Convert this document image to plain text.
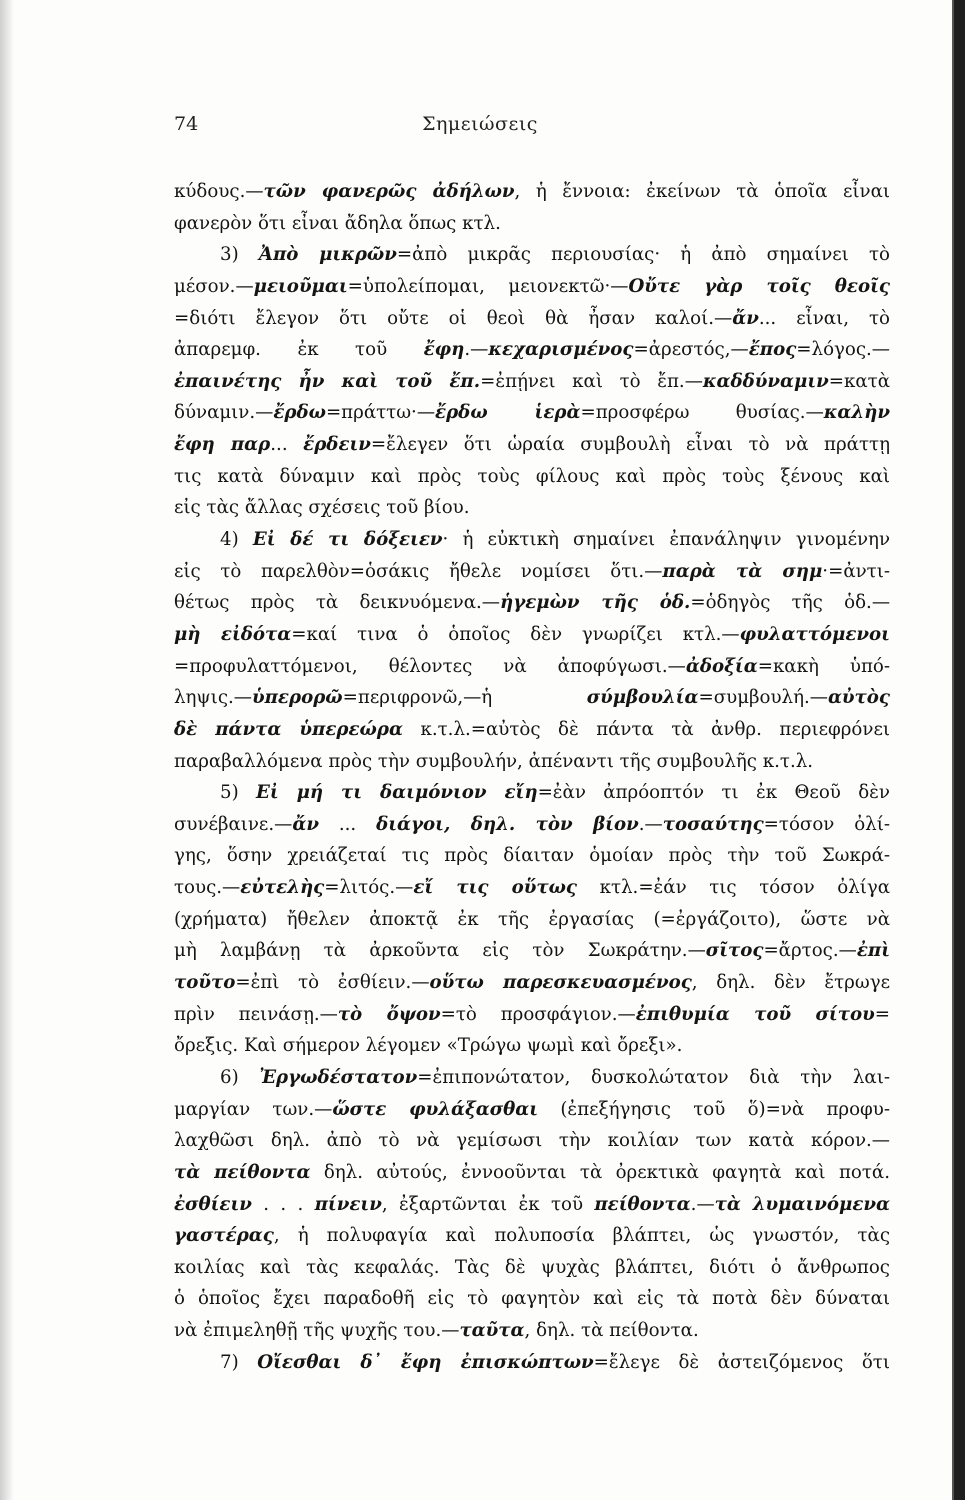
74	Σημειώσεις
κύδους.—τῶν φανερῶς ἀδήλων, ἡ ἔννοια: ἐκείνων τὰ ὁποῖα εἶναι
φανερὸν ὅτι εἶναι ἄδηλα ὅπως κτλ.
3) Ἀπὸ μικρῶν=ἀπὸ μικρᾶς περιουσίας· ἡ ἀπὸ σημαίνει τὸ
μέσον.—μειοῦμαι=ὑπολείπομαι, μειονεκτῶ·—Οὔτε γὰρ τοῖς θεοῖς
=διότι ἔλεγον ὅτι οὔτε οἱ θεοὶ θὰ ἦσαν καλοί.—ἄν... εἶναι, τὸ
ἀπαρεμφ. ἐκ τοῦ ἔφη.—κεχαρισμένος=ἀρεστός,—ἔπος=λόγος.—
ἐπαινέτης ἦν καὶ τοῦ ἔπ.=ἐπῄνει καὶ τὸ ἔπ.—καδδύναμιν=κατὰ
δύναμιν.—ἔρδω=πράττω·—ἔρδω ἱερὰ=προσφέρω θυσίας.—καλὴν
ἔφη παρ... ἔρδειν=ἔλεγεν ὅτι ὡραία συμβουλὴ εἶναι τὸ νὰ πράττῃ
τις κατὰ δύναμιν καὶ πρὸς τοὺς φίλους καὶ πρὸς τοὺς ξένους καὶ
εἰς τὰς ἄλλας σχέσεις τοῦ βίου.
4) Εἰ δέ τι δόξειεν· ἡ εὐκτικὴ σημαίνει ἐπανάληψιν γινομένην
εἰς τὸ παρελθὸν=ὁσάκις ἤθελε νομίσει ὅτι.—παρὰ τὰ σημ·=ἀντι-
θέτως πρὸς τὰ δεικνυόμενα.—ἡγεμὼν τῆς ὁδ.=ὁδηγὸς τῆς ὁδ.—
μὴ εἰδότα=καί τινα ὁ ὁποῖος δὲν γνωρίζει κτλ.—φυλαττόμενοι
=προφυλαττόμενοι, θέλοντες νὰ ἀποφύγωσι.—ἀδοξία=κακὴ ὑπό-
ληψις.—ὑπερορῶ=περιφρονῶ,—ἡ σύμβουλία=συμβουλή.—αὐτὸς
δὲ πάντα ὑπερεώρα κ.τ.λ.=αὐτὸς δὲ πάντα τὰ ἀνθρ. περιεφρόνει
παραβαλλόμενα πρὸς τὴν συμβουλήν, ἀπέναντι τῆς συμβουλῆς κ.τ.λ.
5) Εἰ μή τι δαιμόνιον εἴη=ἐὰν ἀπρόοπτόν τι ἐκ Θεοῦ δὲν
συνέβαινε.—ἄν ... διάγοι, δηλ. τὸν βίον.—τοσαύτης=τόσον ὀλί-
γης, ὅσην χρειάζεταί τις πρὸς δίαιταν ὁμοίαν πρὸς τὴν τοῦ Σωκρά-
τους.—εὐτελὴς=λιτός.—εἴ τις οὕτως κτλ.=ἐάν τις τόσον ὀλίγα
(χρήματα) ἤθελεν ἀποκτᾷ ἐκ τῆς ἐργασίας (=ἐργάζοιτο), ὥστε νὰ
μὴ λαμβάνῃ τὰ ἀρκοῦντα εἰς τὸν Σωκράτην.—σῖτος=ἄρτος.—ἐπὶ
τοῦτο=ἐπὶ τὸ ἐσθίειν.—οὕτω παρεσκευασμένος, δηλ. δὲν ἔτρωγε
πρὶν πεινάσῃ.—τὸ ὄψον=τὸ προσφάγιον.—ἐπιθυμία τοῦ σίτου=
ὄρεξις. Καὶ σήμερον λέγομεν «Τρώγω ψωμὶ καὶ ὄρεξι».
6) Ἐργωδέστατον=ἐπιπονώτατον, δυσκολώτατον διὰ τὴν λαι-
μαργίαν των.—ὥστε φυλάξασθαι (ἐπεξήγησις τοῦ ὅ)=νὰ προφυ-
λαχθῶσι δηλ. ἀπὸ τὸ νὰ γεμίσωσι τὴν κοιλίαν των κατὰ κόρον.—
τὰ πείθοντα δηλ. αὐτούς, ἐννοοῦνται τὰ ὀρεκτικὰ φαγητὰ καὶ ποτά.
ἐσθίειν . . . πίνειν, ἐξαρτῶνται ἐκ τοῦ πείθοντα.—τὰ λυμαινόμενα
γαστέρας, ἡ πολυφαγία καὶ πολυποσία βλάπτει, ὡς γνωστόν, τὰς
κοιλίας καὶ τὰς κεφαλάς. Τὰς δὲ ψυχὰς βλάπτει, διότι ὁ ἄνθρωπος
ὁ ὁποῖος ἔχει παραδοθῆ εἰς τὸ φαγητὸν καὶ εἰς τὰ ποτὰ δὲν δύναται
νὰ ἐπιμεληθῇ τῆς ψυχῆς του.—ταῦτα, δηλ. τὰ πείθοντα.
7) Οἴεσθαι δ᾿ ἔφη ἐπισκώπτων=ἔλεγε δὲ ἀστειζόμενος ὅτι
